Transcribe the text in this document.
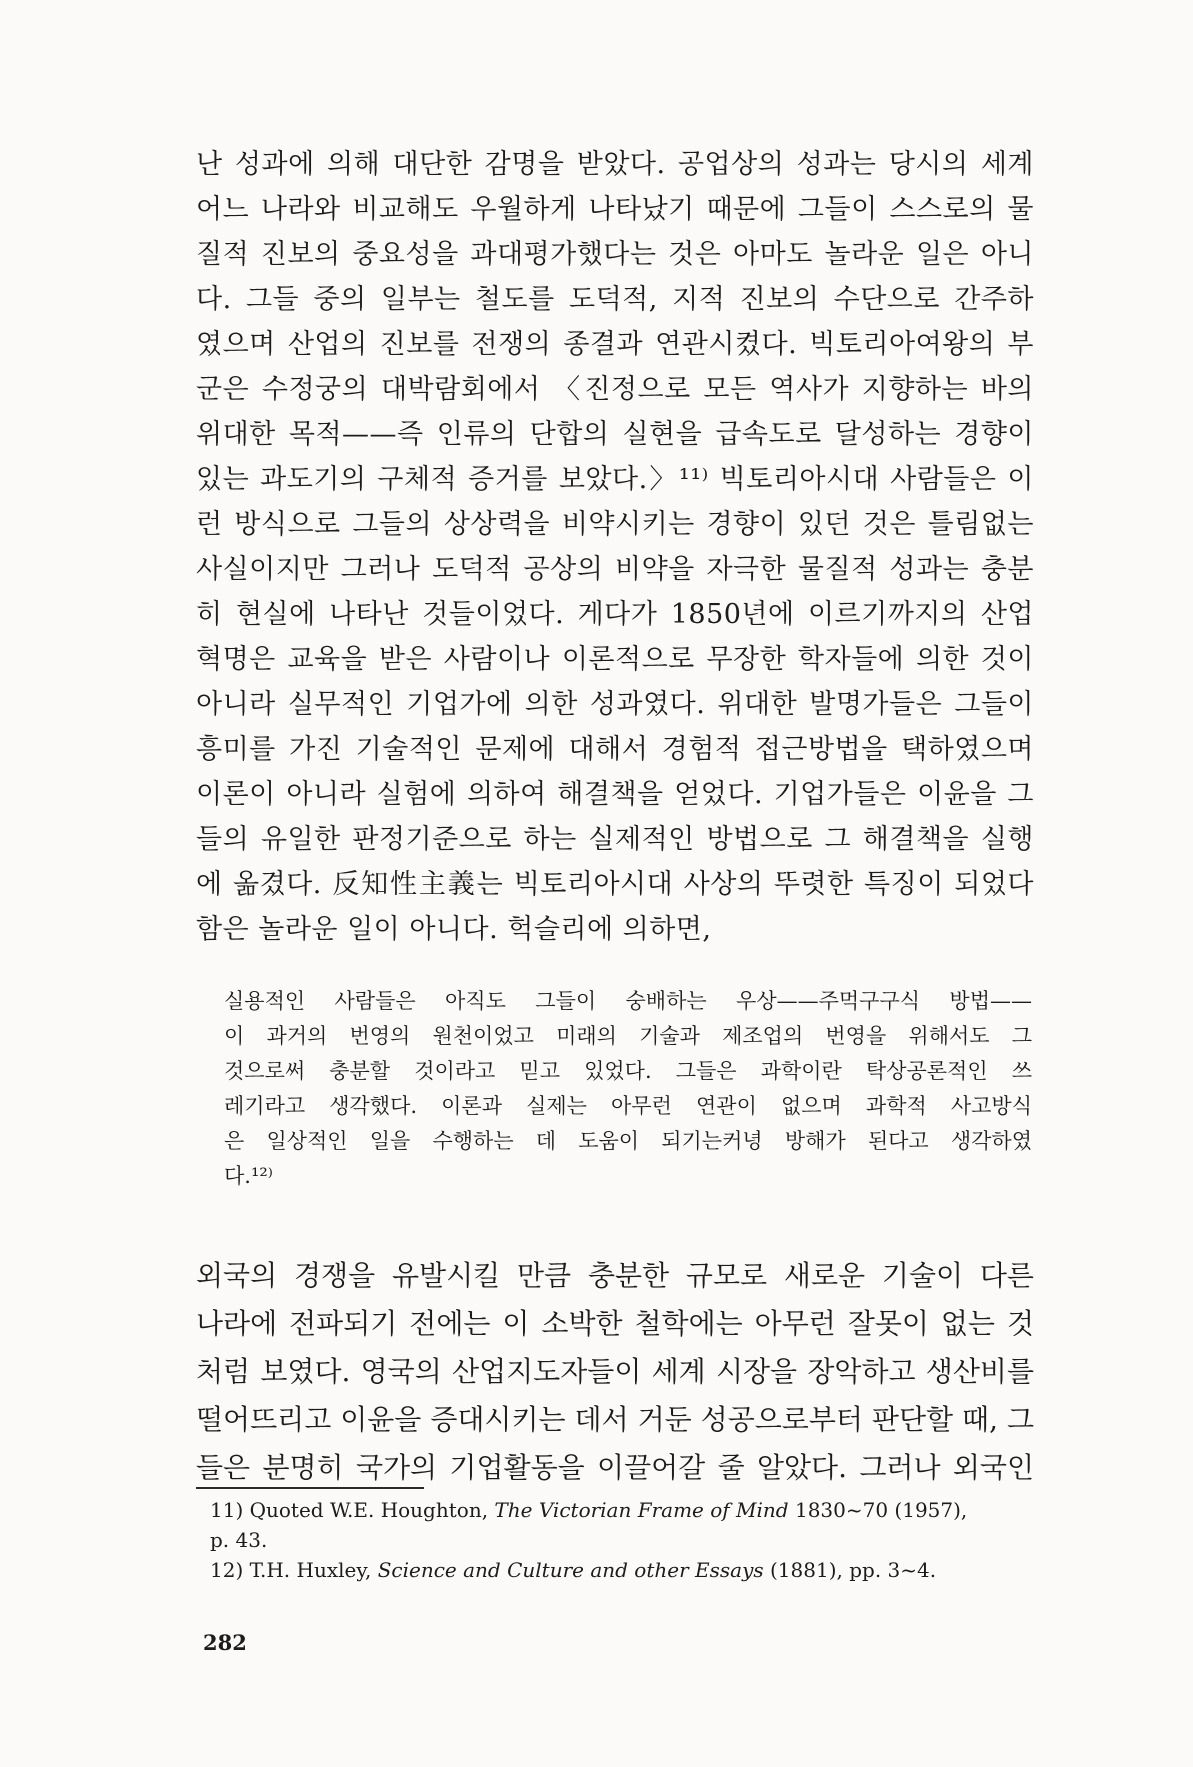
난 성과에 의해 대단한 감명을 받았다. 공업상의 성과는 당시의 세계
어느 나라와 비교해도 우월하게 나타났기 때문에 그들이 스스로의 물
질적 진보의 중요성을 과대평가했다는 것은 아마도 놀라운 일은 아니
다. 그들 중의 일부는 철도를 도덕적, 지적 진보의 수단으로 간주하
였으며 산업의 진보를 전쟁의 종결과 연관시켰다. 빅토리아여왕의 부
군은 수정궁의 대박람회에서 〈진정으로 모든 역사가 지향하는 바의
위대한 목적——즉 인류의 단합의 실현을 급속도로 달성하는 경향이
있는 과도기의 구체적 증거를 보았다.〉¹¹⁾ 빅토리아시대 사람들은 이
런 방식으로 그들의 상상력을 비약시키는 경향이 있던 것은 틀림없는
사실이지만 그러나 도덕적 공상의 비약을 자극한 물질적 성과는 충분
히 현실에 나타난 것들이었다. 게다가 1850년에 이르기까지의 산업
혁명은 교육을 받은 사람이나 이론적으로 무장한 학자들에 의한 것이
아니라 실무적인 기업가에 의한 성과였다. 위대한 발명가들은 그들이
흥미를 가진 기술적인 문제에 대해서 경험적 접근방법을 택하였으며
이론이 아니라 실험에 의하여 해결책을 얻었다. 기업가들은 이윤을 그
들의 유일한 판정기준으로 하는 실제적인 방법으로 그 해결책을 실행
에 옮겼다. 反知性主義는 빅토리아시대 사상의 뚜렷한 특징이 되었다
함은 놀라운 일이 아니다. 헉슬리에 의하면,
실용적인 사람들은 아직도 그들이 숭배하는 우상——주먹구구식 방법——
이 과거의 번영의 원천이었고 미래의 기술과 제조업의 번영을 위해서도 그
것으로써 충분할 것이라고 믿고 있었다. 그들은 과학이란 탁상공론적인 쓰
레기라고 생각했다. 이론과 실제는 아무런 연관이 없으며 과학적 사고방식
은 일상적인 일을 수행하는 데 도움이 되기는커녕 방해가 된다고 생각하였
다.¹²⁾
외국의 경쟁을 유발시킬 만큼 충분한 규모로 새로운 기술이 다른
나라에 전파되기 전에는 이 소박한 철학에는 아무런 잘못이 없는 것
처럼 보였다. 영국의 산업지도자들이 세계 시장을 장악하고 생산비를
떨어뜨리고 이윤을 증대시키는 데서 거둔 성공으로부터 판단할 때, 그
들은 분명히 국가의 기업활동을 이끌어갈 줄 알았다. 그러나 외국인
11) Quoted W.E. Houghton, The Victorian Frame of Mind 1830~70 (1957),
p. 43.
12) T.H. Huxley, Science and Culture and other Essays (1881), pp. 3~4.
282
